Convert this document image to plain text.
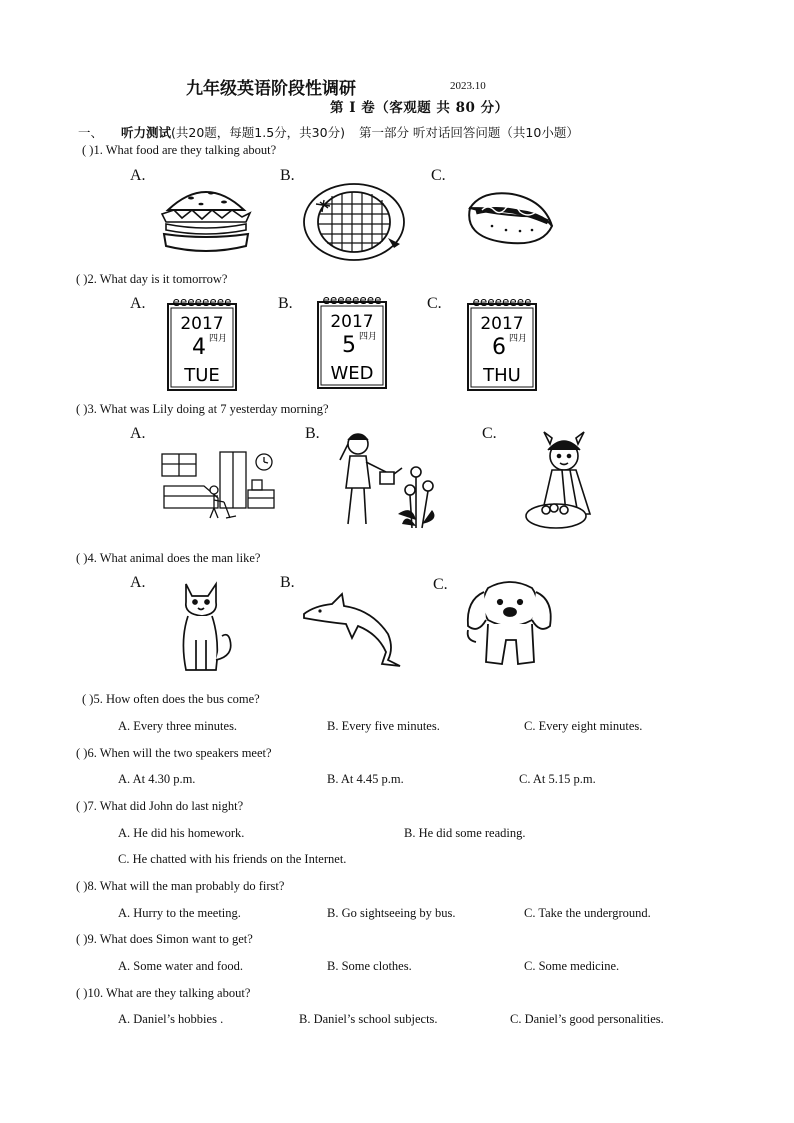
九年级英语阶段性调研	2023.10
第 I 卷（客观题 共 80 分）
一、 听力测试(共20题，每题1.5分，共30分) 第一部分 听对话回答问题（共10小题）
( )1. What food are they talking about?
A.	B.	C.
( )2. What day is it tomorrow?
A.	B.	C.
eeeeeeee
2017
4 四月
TUE
eeeeeeee
2017
5 四月
WED
eeeeeeee
2017
6 四月
THU
( )3. What was Lily doing at 7 yesterday morning?
A.	B.	C.
( )4. What animal does the man like?
A.	B.	C.
( )5. How often does the bus come?
A. Every three minutes.	B. Every five minutes.	C. Every eight minutes.
( )6. When will the two speakers meet?
A. At 4.30 p.m.	B. At 4.45 p.m.	C. At 5.15 p.m.
( )7. What did John do last night?
A. He did his homework.	B. He did some reading.
C. He chatted with his friends on the Internet.
( )8. What will the man probably do first?
A. Hurry to the meeting.	B. Go sightseeing by bus.	C. Take the underground.
( )9. What does Simon want to get?
A. Some water and food.	B. Some clothes.	C. Some medicine.
( )10. What are they talking about?
A. Daniel’s hobbies .	B. Daniel’s school subjects.	C. Daniel’s good personalities.
